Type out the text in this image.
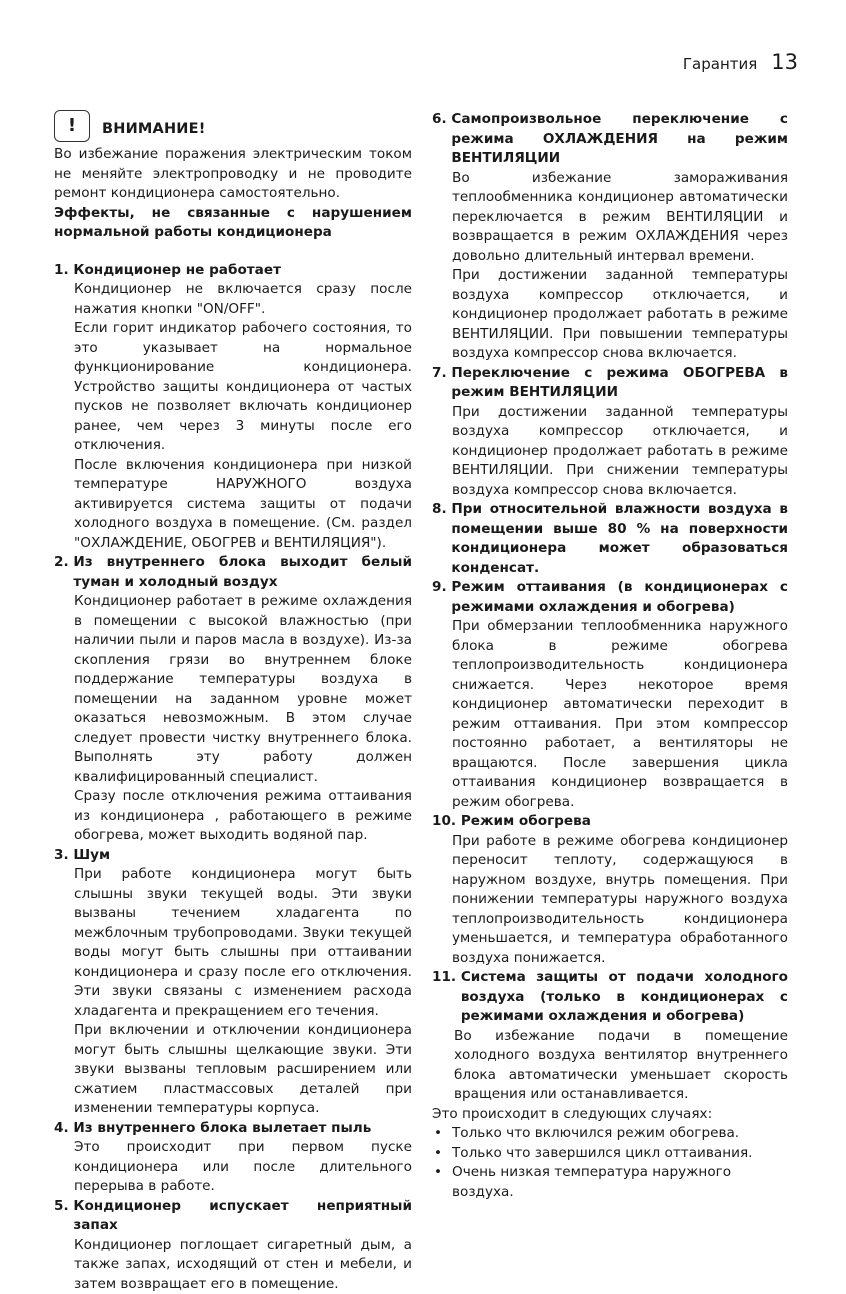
Гарантия 13
!	ВНИМАНИЕ!

Во избежание поражения электрическим током не меняйте электропроводку и не проводите ремонт кондиционера самостоятельно.

Эффекты, не связанные с нарушением нормальной работы кондиционера

1.
Кондиционер не работает

Кондиционер не включается сразу после нажатия кнопки "ON/OFF".

Если горит индикатор рабочего состояния, то это указывает на нормальное функционирование кондиционера. Устройство защиты кондиционера от частых пусков не позволяет включать кондиционер ранее, чем через 3 минуты после его отключения.

После включения кондиционера при низкой температуре НАРУЖНОГО воздуха активируется система защиты от подачи холодного воздуха в помещение. (См. раздел "ОХЛАЖДЕНИЕ, ОБОГРЕВ и ВЕНТИЛЯЦИЯ").

2.
Из внутреннего блока выходит белый туман и холодный воздух

Кондиционер работает в режиме охлаждения в помещении с высокой влажностью (при наличии пыли и паров масла в воздухе). Из-за скопления грязи во внутреннем блоке поддержание температуры воздуха в помещении на заданном уровне может оказаться невозможным. В этом случае следует провести чистку внутреннего блока. Выполнять эту работу должен квалифицированный специалист.

Сразу после отключения режима оттаивания из кондиционера , работающего в режиме обогрева, может выходить водяной пар.

3.
Шум

При работе кондиционера могут быть слышны звуки текущей воды. Эти звуки вызваны течением хладагента по межблочным трубопроводами. Звуки текущей воды могут быть слышны при оттаивании кондиционера и сразу после его отключения. Эти звуки связаны с изменением расхода хладагента и прекращением его течения.

При включении и отключении кондиционера могут быть слышны щелкающие звуки. Эти звуки вызваны тепловым расширением или сжатием пластмассовых деталей при изменении температуры корпуса.

4.
Из внутреннего блока вылетает пыль

Это происходит при первом пуске кондиционера или после длительного перерыва в работе.

5.
Кондиционер испускает неприятный запах

Кондиционер поглощает сигаретный дым, а также запах, исходящий от стен и мебели, и затем возвращает его в помещение.

6.
Самопроизвольное переключение с режима ОХЛАЖДЕНИЯ на режим ВЕНТИЛЯЦИИ

Во избежание замораживания теплообменника кондиционер автоматически переключается в режим ВЕНТИЛЯЦИИ и возвращается в режим ОХЛАЖДЕНИЯ через довольно длительный интервал времени.

При достижении заданной температуры воздуха компрессор отключается, и кондиционер продолжает работать в режиме ВЕНТИЛЯЦИИ. При повышении температуры воздуха компрессор снова включается.

7.
Переключение с режима ОБОГРЕВА в режим ВЕНТИЛЯЦИИ

При достижении заданной температуры воздуха компрессор отключается, и кондиционер продолжает работать в режиме ВЕНТИЛЯЦИИ. При снижении температуры воздуха компрессор снова включается.

8.
При относительной влажности воздуха в помещении выше 80 % на поверхности кондиционера может образоваться конденсат.
9.
Режим оттаивания (в кондиционерах с режимами охлаждения и обогрева)

При обмерзании теплообменника наружного блока в режиме обогрева теплопроизводительность кондиционера снижается. Через некоторое время кондиционер автоматически переходит в режим оттаивания. При этом компрессор постоянно работает, а вентиляторы не вращаются. После завершения цикла оттаивания кондиционер возвращается в режим обогрева.

10.
Режим обогрева

При работе в режиме обогрева кондиционер переносит теплоту, содержащуюся в наружном воздухе, внутрь помещения. При понижении температуры наружного воздуха теплопроизводительность кондиционера уменьшается, и температура обработанного воздуха понижается.

11.
Система защиты от подачи холодного воздуха (только в кондиционерах с режимами охлаждения и обогрева)

Во избежание подачи в помещение холодного воздуха вентилятор внутреннего блока автоматически уменьшает скорость вращения или останавливается.

Это происходит в следующих случаях:

• Только что включился режим обогрева.
• Только что завершился цикл оттаивания.
• Очень низкая температура наружного воздуха.
